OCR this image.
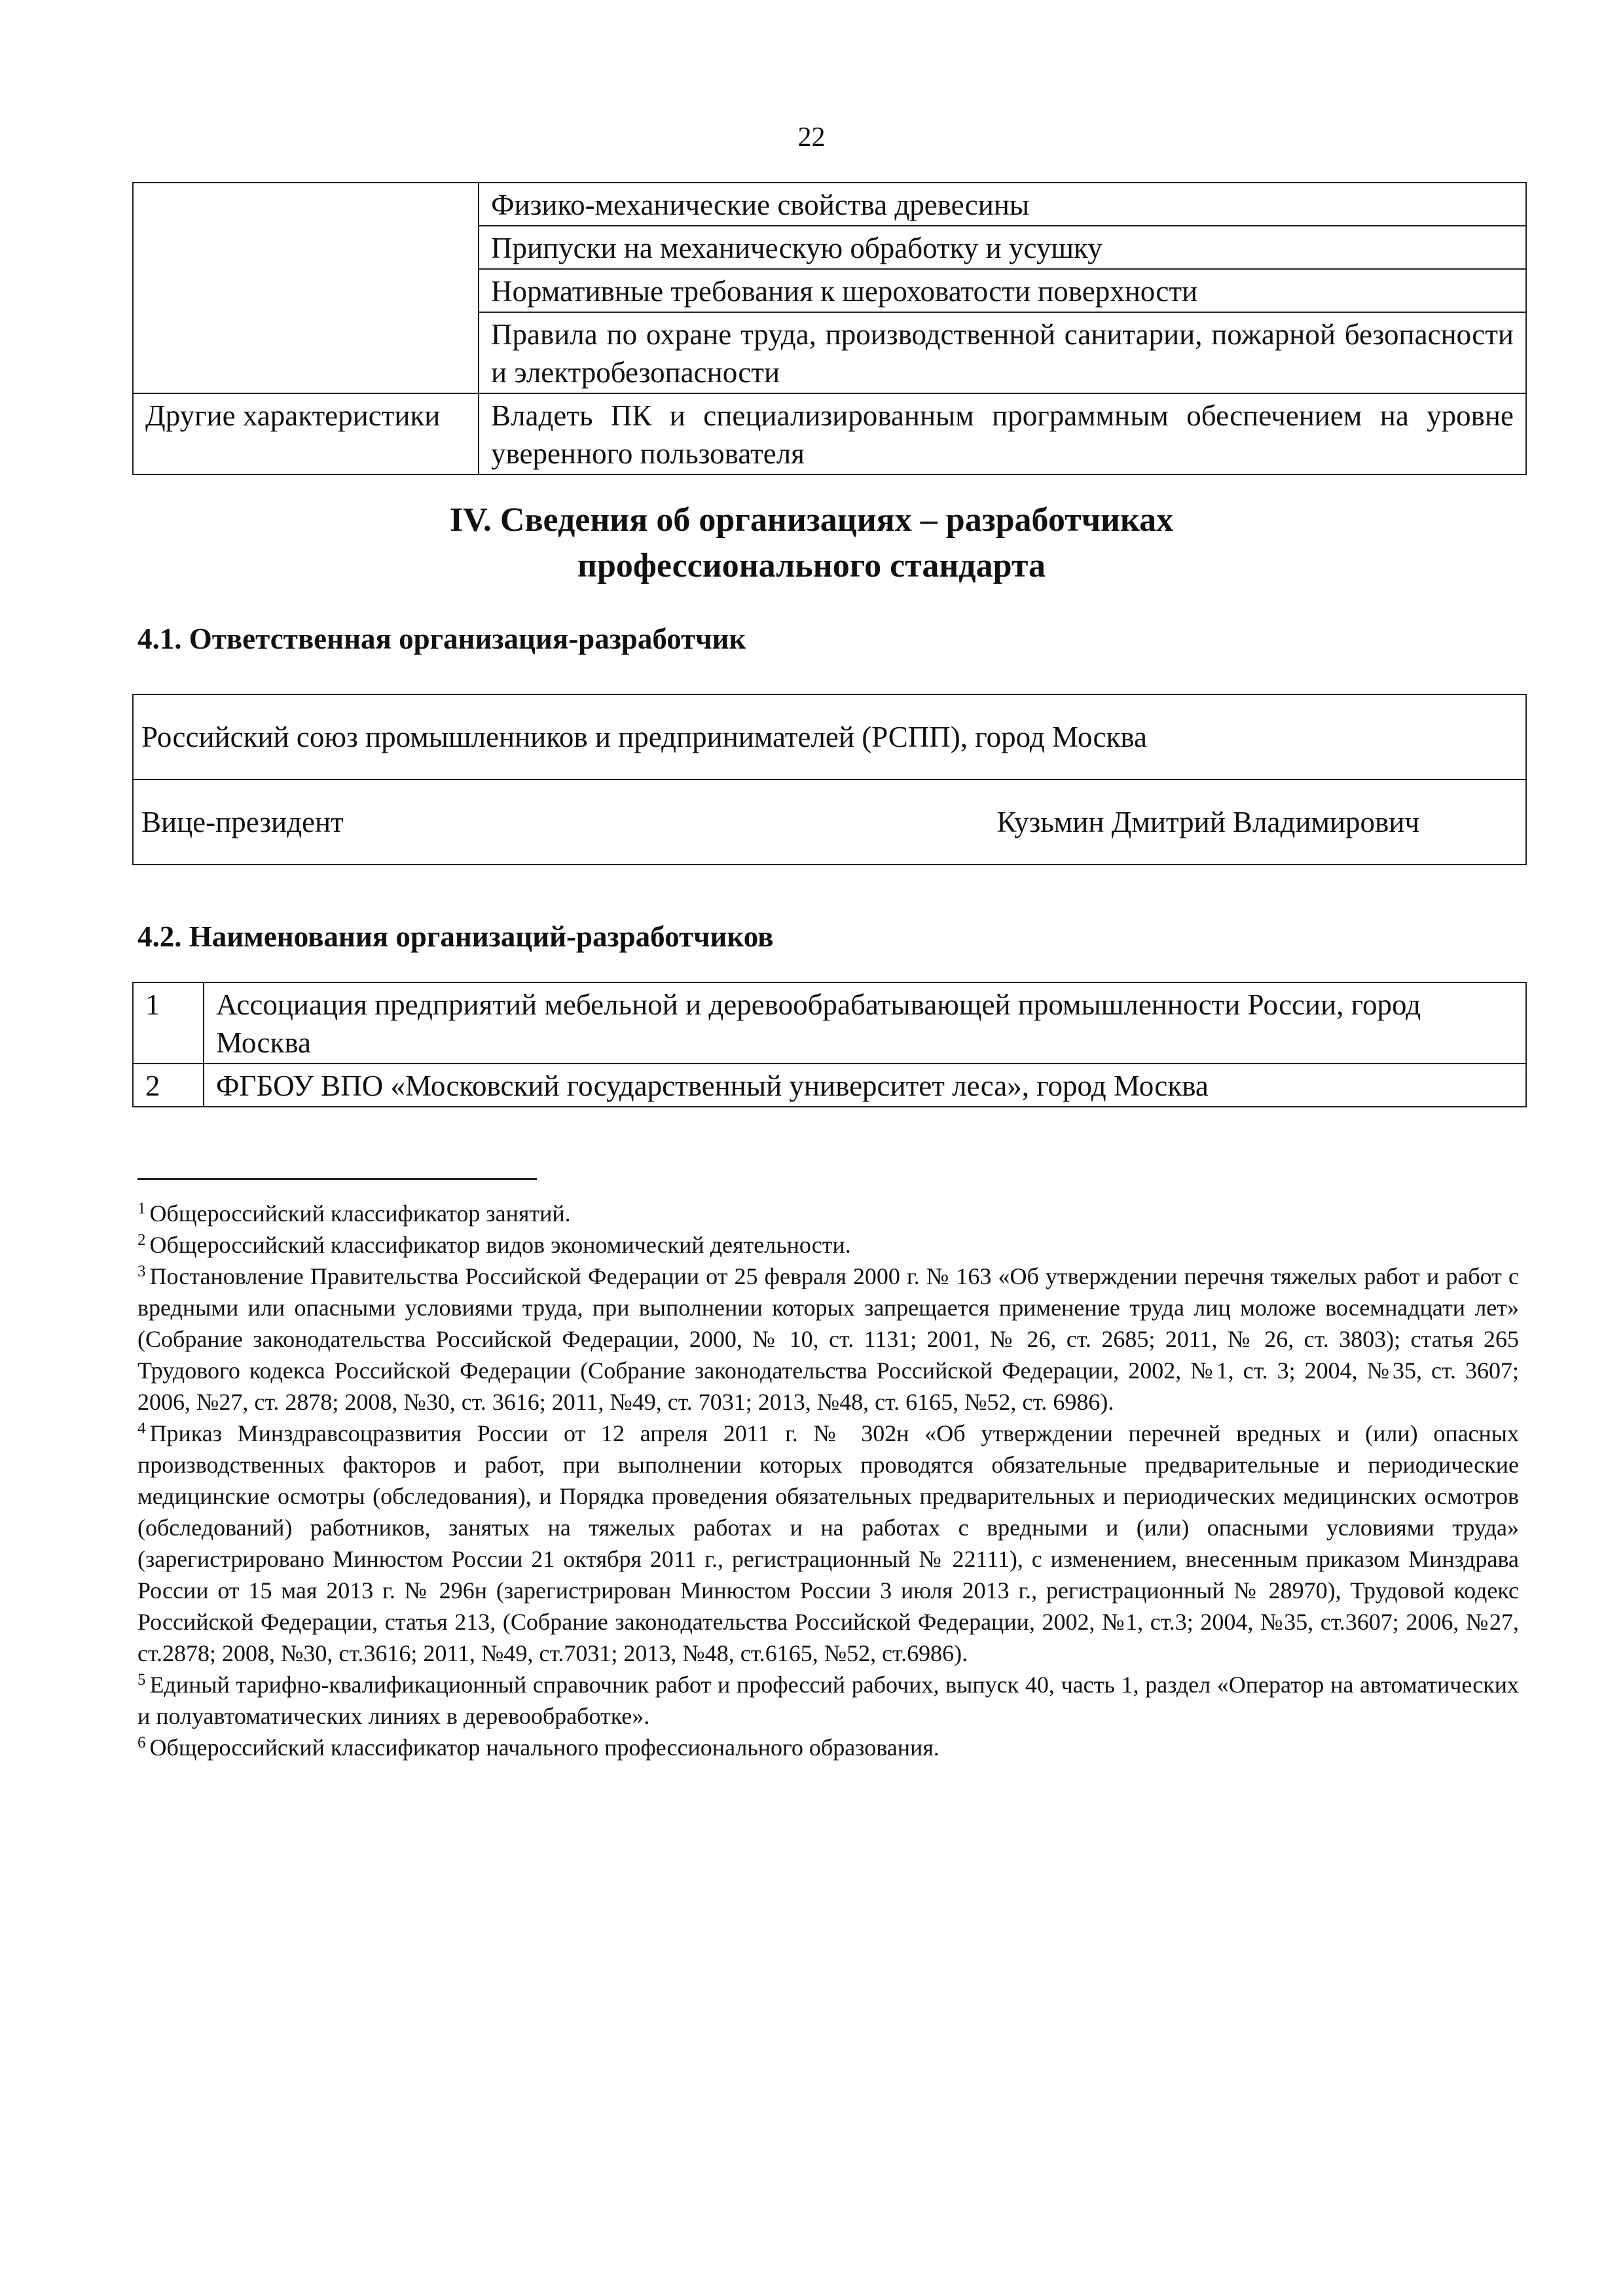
22
	Физико-механические свойства древесины
	Припуски на механическую обработку и усушку
	Нормативные требования к шероховатости поверхности
	Правила по охране труда, производственной санитарии, пожарной безопасности и электробезопасности
Другие характеристики	Владеть ПК и специализированным программным обеспечением на уровне уверенного пользователя
IV. Сведения об организациях – разработчиках
профессионального стандарта
4.1. Ответственная организация-разработчик
Российский союз промышленников и предпринимателей (РСПП), город Москва

Вице-президент	Кузьмин Дмитрий Владимирович
4.2. Наименования организаций-разработчиков
1	Ассоциация предприятий мебельной и деревообрабатывающей промышленности России, город Москва
2	ФГБОУ ВПО «Московский государственный университет леса», город Москва

$^1$ Общероссийский классификатор занятий.

$^2$ Общероссийский классификатор видов экономический деятельности.

$^3$ Постановление Правительства Российской Федерации от 25 февраля 2000 г. № 163 «Об утверждении перечня тяжелых работ и работ с вредными или опасными условиями труда, при выполнении которых запрещается применение труда лиц моложе восемнадцати лет» (Собрание законодательства Российской Федерации, 2000, № 10, ст. 1131; 2001, № 26, ст. 2685; 2011, № 26, ст. 3803); статья 265 Трудового кодекса Российской Федерации (Собрание законодательства Российской Федерации, 2002, №1, ст. 3; 2004, №35, ст. 3607; 2006, №27, ст. 2878; 2008, №30, ст. 3616; 2011, №49, ст. 7031; 2013, №48, ст. 6165, №52, ст. 6986).

$^4$ Приказ Минздравсоцразвития России от 12 апреля 2011 г. № 302н «Об утверждении перечней вредных и (или) опасных производственных факторов и работ, при выполнении которых проводятся обязательные предварительные и периодические медицинские осмотры (обследования), и Порядка проведения обязательных предварительных и периодических медицинских осмотров (обследований) работников, занятых на тяжелых работах и на работах с вредными и (или) опасными условиями труда» (зарегистрировано Минюстом России 21 октября 2011 г., регистрационный № 22111), с изменением, внесенным приказом Минздрава России от 15 мая 2013 г. № 296н (зарегистрирован Минюстом России 3 июля 2013 г., регистрационный № 28970), Трудовой кодекс Российской Федерации, статья 213, (Собрание законодательства Российской Федерации, 2002, №1, ст.3; 2004, №35, ст.3607; 2006, №27, ст.2878; 2008, №30, ст.3616; 2011, №49, ст.7031; 2013, №48, ст.6165, №52, ст.6986).

$^5$ Единый тарифно-квалификационный справочник работ и профессий рабочих, выпуск 40, часть 1, раздел «Оператор на автоматических и полуавтоматических линиях в деревообработке».

$^6$ Общероссийский классификатор начального профессионального образования.
